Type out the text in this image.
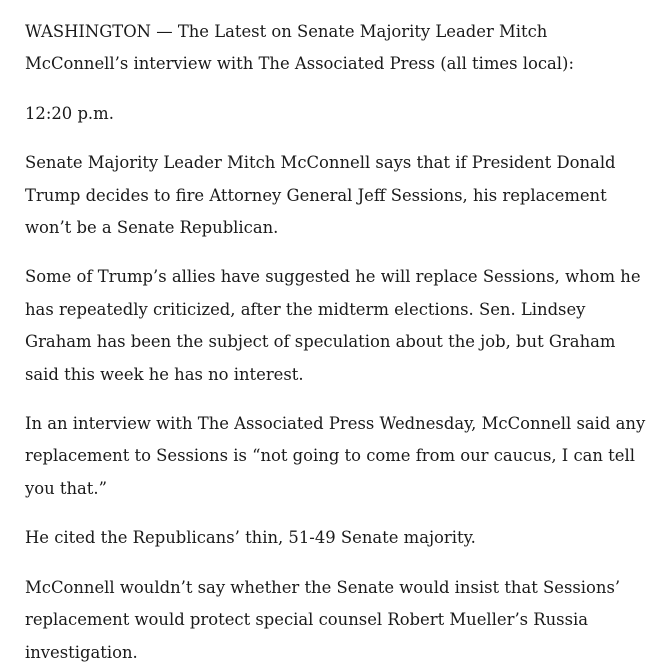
WASHINGTON — The Latest on Senate Majority Leader Mitch McConnell’s interview with The Associated Press (all times local):

12:20 p.m.

Senate Majority Leader Mitch McConnell says that if President Donald Trump decides to fire Attorney General Jeff Sessions, his replacement won’t be a Senate Republican.

Some of Trump’s allies have suggested he will replace Sessions, whom he has repeatedly criticized, after the midterm elections. Sen. Lindsey Graham has been the subject of speculation about the job, but Graham said this week he has no interest.

In an interview with The Associated Press Wednesday, McConnell said any replacement to Sessions is “not going to come from our caucus, I can tell you that.”

He cited the Republicans’ thin, 51-49 Senate majority.

McConnell wouldn’t say whether the Senate would insist that Sessions’ replacement would protect special counsel Robert Mueller’s Russia investigation.
